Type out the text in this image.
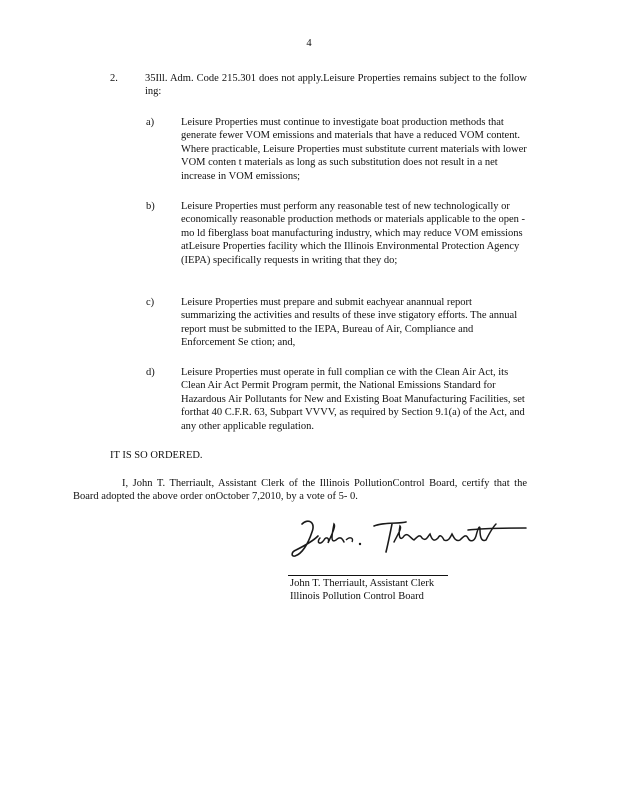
4
2.	35Ill. Adm. Code 215.301 does not apply.Leisure Properties remains subject to the follow ing:
a)	Leisure Properties must continue to investigate boat production methods that generate fewer VOM emissions and materials that have a reduced VOM content. Where practicable, Leisure Properties must substitute current materials with lower VOM conten t materials as long as such substitution does not result in a net increase in VOM emissions;
b)	Leisure Properties must perform any reasonable test of new technologically or economically reasonable production methods or materials applicable to the open -mo ld fiberglass boat manufacturing industry, which may reduce VOM emissions atLeisure Properties facility which the Illinois Environmental Protection Agency (IEPA) specifically requests in writing that they do;
c)	Leisure Properties must prepare and submit eachyear anannual report summarizing the activities and results of these inve stigatory efforts. The annual report must be submitted to the IEPA, Bureau of Air, Compliance and Enforcement Se ction; and,
d)	Leisure Properties must operate in full complian ce with the Clean Air Act, its Clean Air Act Permit Program permit, the National Emissions Standard for Hazardous Air Pollutants for New and Existing Boat Manufacturing Facilities, set forthat 40 C.F.R. 63, Subpart VVVV, as required by Section 9.1(a) of the Act, and any other applicable regulation.
IT IS SO ORDERED.
I, John T. Therriault, Assistant Clerk of the Illinois PollutionControl Board, certify that the Board adopted the above order onOctober 7,2010, by a vote of 5- 0.
John T. Therriault, Assistant Clerk
Illinois Pollution Control Board
